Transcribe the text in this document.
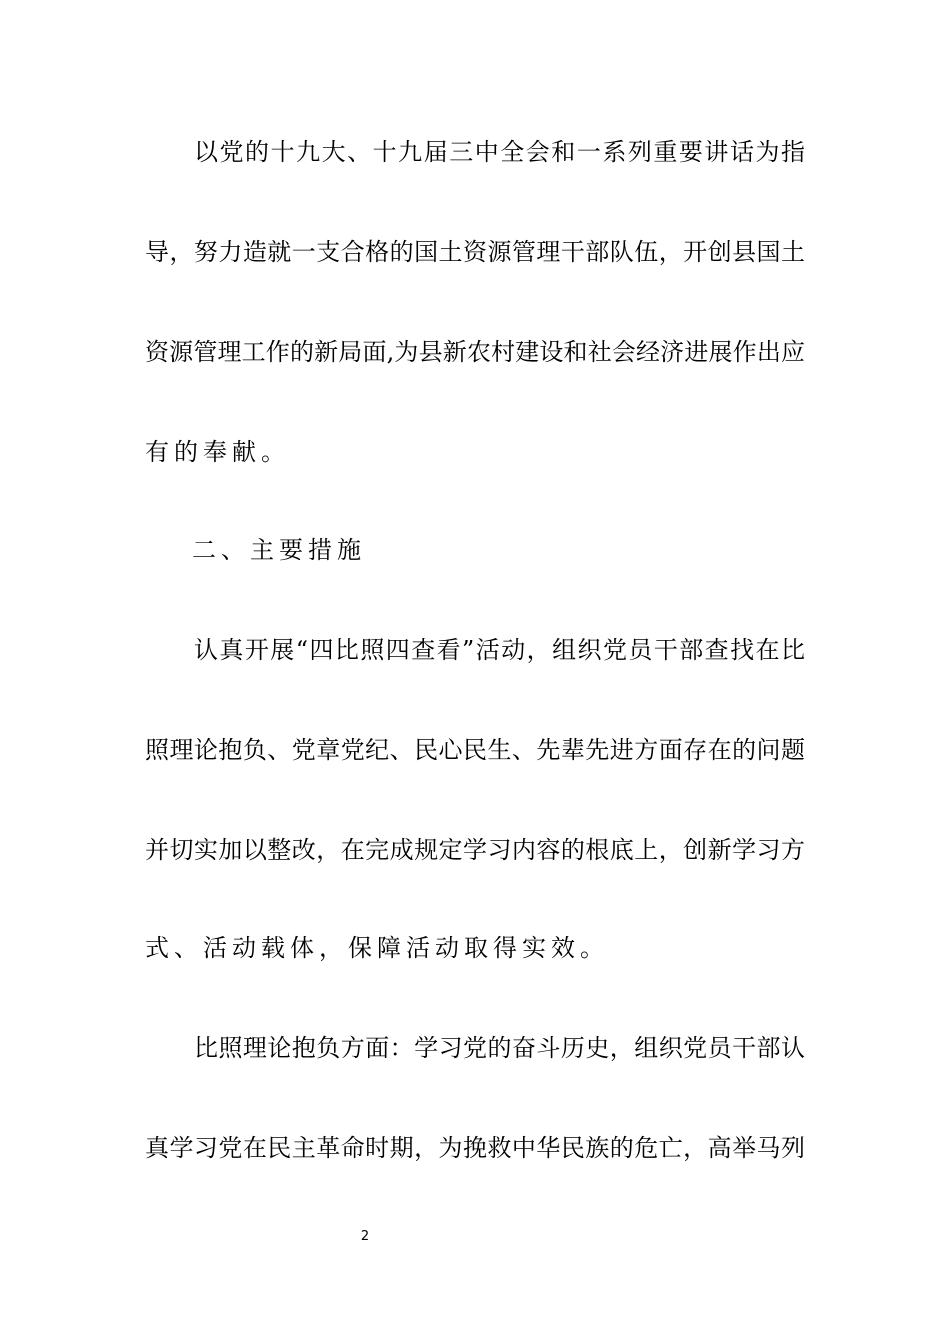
以党的十九大、十九届三中全会和一系列重要讲话为指
导，努力造就一支合格的国土资源管理干部队伍，开创县国土
资源管理工作的新局面,为县新农村建设和社会经济进展作出应
有的奉献。
二、主要措施
认真开展“四比照四查看”活动，组织党员干部查找在比
照理论抱负、党章党纪、民心民生、先辈先进方面存在的问题
并切实加以整改，在完成规定学习内容的根底上，创新学习方
式、活动载体，保障活动取得实效。
比照理论抱负方面：学习党的奋斗历史，组织党员干部认
真学习党在民主革命时期，为挽救中华民族的危亡，高举马列
2
